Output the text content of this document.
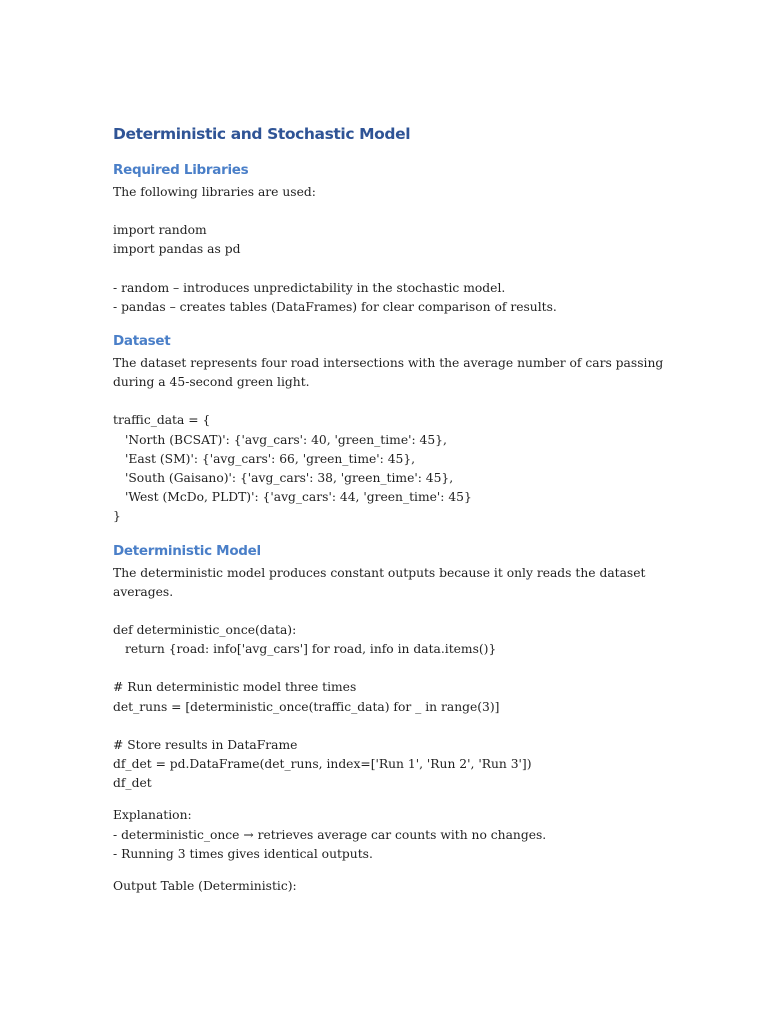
Deterministic and Stochastic Model
Required Libraries
The following libraries are used:
import random
import pandas as pd
- random – introduces unpredictability in the stochastic model.
- pandas – creates tables (DataFrames) for clear comparison of results.
Dataset
The dataset represents four road intersections with the average number of cars passing
during a 45-second green light.
traffic_data = {
'North (BCSAT)': {'avg_cars': 40, 'green_time': 45},
'East (SM)': {'avg_cars': 66, 'green_time': 45},
'South (Gaisano)': {'avg_cars': 38, 'green_time': 45},
'West (McDo, PLDT)': {'avg_cars': 44, 'green_time': 45}
}
Deterministic Model
The deterministic model produces constant outputs because it only reads the dataset
averages.
def deterministic_once(data):
return {road: info['avg_cars'] for road, info in data.items()}
# Run deterministic model three times
det_runs = [deterministic_once(traffic_data) for _ in range(3)]
# Store results in DataFrame
df_det = pd.DataFrame(det_runs, index=['Run 1', 'Run 2', 'Run 3'])
df_det
Explanation:
- deterministic_once → retrieves average car counts with no changes.
- Running 3 times gives identical outputs.
Output Table (Deterministic):
